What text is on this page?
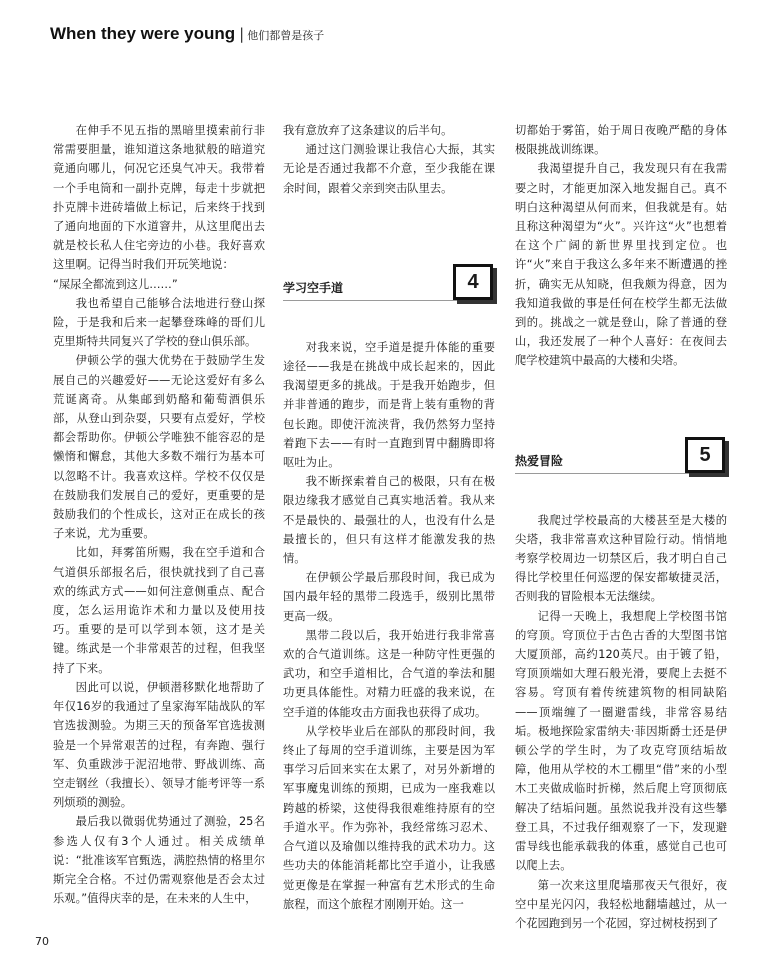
When they were young | 他们都曾是孩子

在伸手不见五指的黑暗里摸索前行非常需要胆量，谁知道这条地狱般的暗道究竟通向哪儿，何况它还臭气冲天。我带着一个手电筒和一副扑克牌，每走十步就把扑克牌卡进砖墙做上标记，后来终于找到了通向地面的下水道窨井，从这里爬出去就是校长私人住宅旁边的小巷。我好喜欢这里啊。记得当时我们开玩笑地说：

“屎尿全都流到这儿……”

我也希望自己能够合法地进行登山探险，于是我和后来一起攀登珠峰的哥们儿克里斯特共同复兴了学校的登山俱乐部。

伊顿公学的强大优势在于鼓励学生发展自己的兴趣爱好——无论这爱好有多么荒诞离奇。从集邮到奶酪和葡萄酒俱乐部，从登山到杂耍，只要有点爱好，学校都会帮助你。伊顿公学唯独不能容忍的是懒惰和懈怠，其他大多数不端行为基本可以忽略不计。我喜欢这样。学校不仅仅是在鼓励我们发展自己的爱好，更重要的是鼓励我们的个性成长，这对正在成长的孩子来说，尤为重要。

比如，拜雾笛所赐，我在空手道和合气道俱乐部报名后，很快就找到了自己喜欢的练武方式——如何注意侧重点、配合度，怎么运用诡诈术和力量以及使用技巧。重要的是可以学到本领，这才是关键。练武是一个非常艰苦的过程，但我坚持了下来。

因此可以说，伊顿潜移默化地帮助了年仅16岁的我通过了皇家海军陆战队的军官选拔测验。为期三天的预备军官选拔测验是一个异常艰苦的过程，有奔跑、强行军、负重跋涉于泥沼地带、野战训练、高空走钢丝（我擅长）、领导才能考评等一系列烦琐的测验。

最后我以微弱优势通过了测验，25名参选人仅有3个人通过。相关成绩单说：“批准该军官甄选，满腔热情的格里尔斯完全合格。不过仍需观察他是否会太过乐观。”值得庆幸的是，在未来的人生中，

我有意放弃了这条建议的后半句。

通过这门测验课让我信心大振，其实无论是否通过我都不介意，至少我能在课余时间，跟着父亲到突击队里去。

学习空手道	4

对我来说，空手道是提升体能的重要途径——我是在挑战中成长起来的，因此我渴望更多的挑战。于是我开始跑步，但并非普通的跑步，而是背上装有重物的背包长跑。即使汗流浃背，我仍然努力坚持着跑下去——有时一直跑到胃中翻腾即将呕吐为止。

我不断探索着自己的极限，只有在极限边缘我才感觉自己真实地活着。我从来不是最快的、最强壮的人，也没有什么是最擅长的，但只有这样才能激发我的热情。

在伊顿公学最后那段时间，我已成为国内最年轻的黑带二段选手，级别比黑带更高一级。

黑带二段以后，我开始进行我非常喜欢的合气道训练。这是一种防守性更强的武功，和空手道相比，合气道的拳法和腿功更具体能性。对精力旺盛的我来说，在空手道的体能攻击方面我也获得了成功。

从学校毕业后在部队的那段时间，我终止了每周的空手道训练，主要是因为军事学习后回来实在太累了，对另外新增的军事魔鬼训练的预期，已成为一座我难以跨越的桥梁，这使得我很难维持原有的空手道水平。作为弥补，我经常练习忍术、合气道以及瑜伽以维持我的武术功力。这些功夫的体能消耗都比空手道小，让我感觉更像是在掌握一种富有艺术形式的生命旅程，而这个旅程才刚刚开始。这一

切都始于雾笛，始于周日夜晚严酷的身体极限挑战训练课。

我渴望提升自己，我发现只有在我需要之时，才能更加深入地发掘自己。真不明白这种渴望从何而来，但我就是有。姑且称这种渴望为“火”。兴许这“火”也想着在这个广阔的新世界里找到定位。也许“火”来自于我这么多年来不断遭遇的挫折，确实无从知晓，但我颇为得意，因为我知道我做的事是任何在校学生都无法做到的。挑战之一就是登山，除了普通的登山，我还发展了一种个人喜好：在夜间去爬学校建筑中最高的大楼和尖塔。

热爱冒险	5

我爬过学校最高的大楼甚至是大楼的尖塔，我非常喜欢这种冒险行动。悄悄地考察学校周边一切禁区后，我才明白自己得比学校里任何巡逻的保安都敏捷灵活，否则我的冒险根本无法继续。

记得一天晚上，我想爬上学校图书馆的穹顶。穹顶位于古色古香的大型图书馆大厦顶部，高约120英尺。由于镀了铅，穹顶顶端如大理石般光滑，要爬上去挺不容易。穹顶有着传统建筑物的相同缺陷——顶端缠了一圈避雷线，非常容易结垢。极地探险家雷纳夫·菲因斯爵士还是伊顿公学的学生时，为了攻克穹顶结垢故障，他用从学校的木工棚里“借”来的小型木工夹做成临时折梯，然后爬上穹顶彻底解决了结垢问题。虽然说我并没有这些攀登工具，不过我仔细观察了一下，发现避雷导线也能承载我的体重，感觉自己也可以爬上去。

第一次来这里爬墙那夜天气很好，夜空中星光闪闪，我轻松地翻墙越过，从一个花园跑到另一个花园，穿过树枝拐到了

70
